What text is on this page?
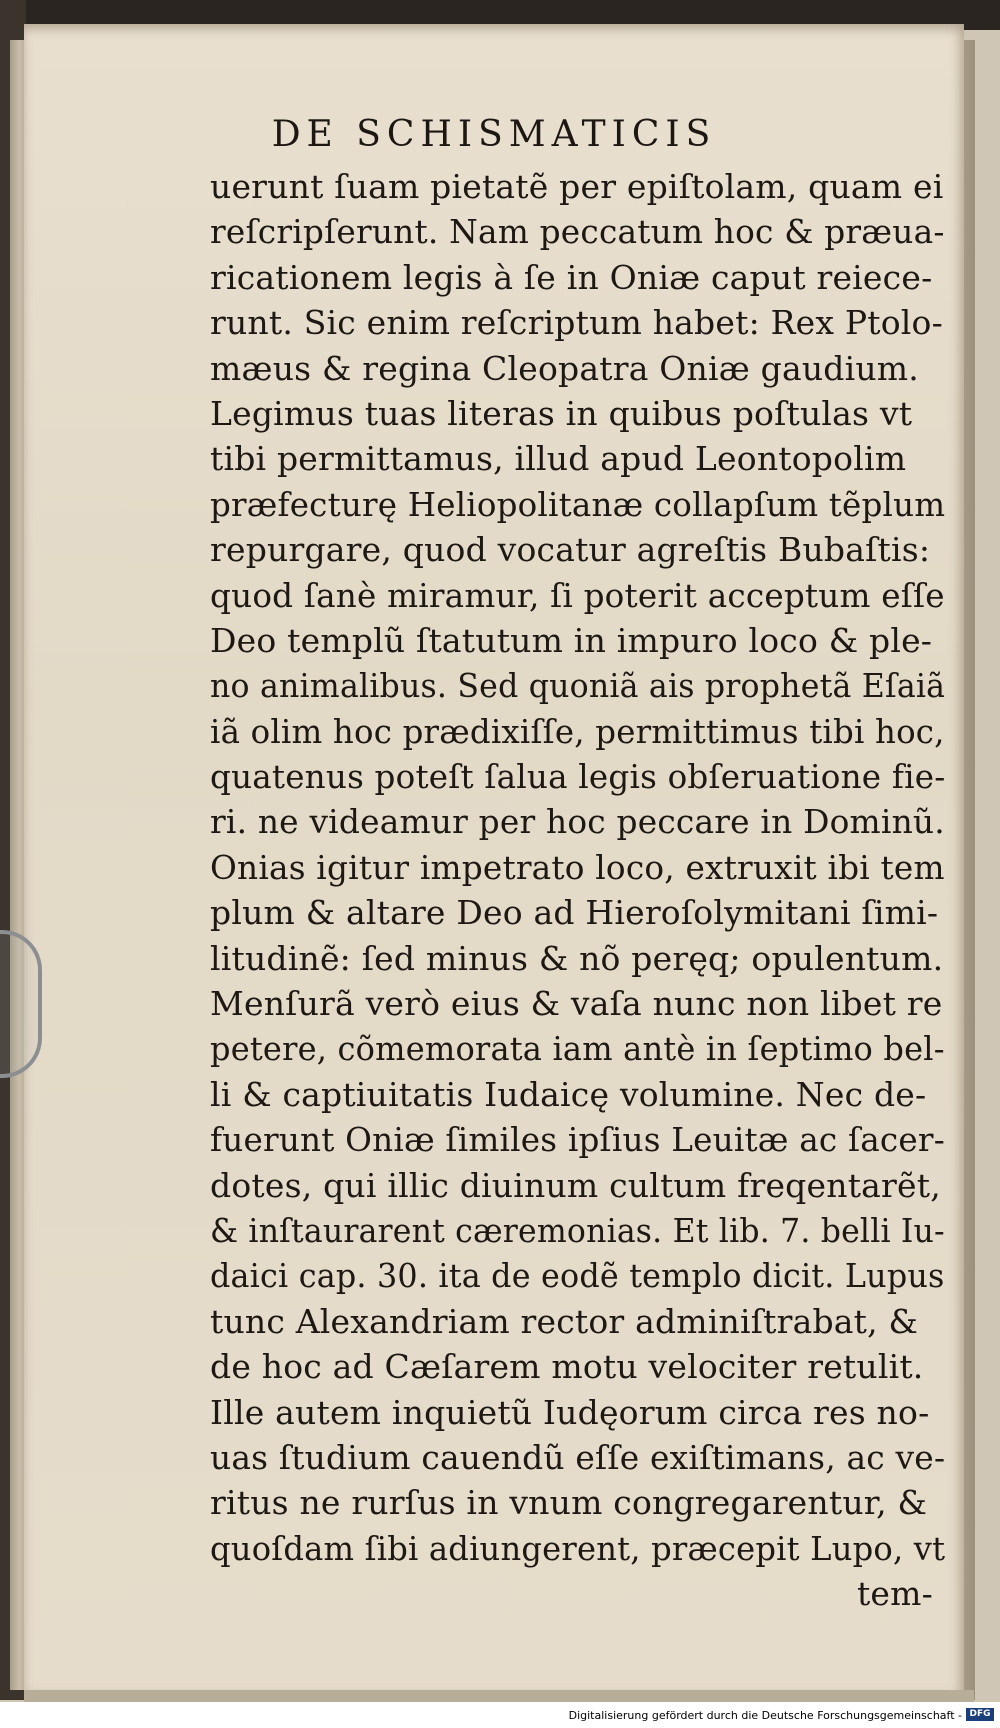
DE SCHISMATICIS
uerunt ſuam pietatẽ per epiſtolam, quam ei
reſcripſerunt. Nam peccatum hoc & præua-
ricationem legis à ſe in Oniæ caput reiece-
runt. Sic enim reſcriptum habet: Rex Ptolo-
mæus & regina Cleopatra Oniæ gaudium.
Legimus tuas literas in quibus poſtulas vt
tibi permittamus, illud apud Leontopolim
præfecturę Heliopolitanæ collapſum tẽplum
repurgare, quod vocatur agreſtis Bubaſtis:
quod ſanè miramur, ſi poterit acceptum eſſe
Deo templũ ſtatutum in impuro loco & ple-
no animalibus. Sed quoniã ais prophetã Eſaiã
iã olim hoc prædixiſſe, permittimus tibi hoc,
quatenus poteſt ſalua legis obſeruatione fie-
ri. ne videamur per hoc peccare in Dominũ.
Onias igitur impetrato loco, extruxit ibi tem
plum & altare Deo ad Hieroſolymitani ſimi-
litudinẽ: ſed minus & nõ peręq; opulentum.
Menſurã verò eius & vaſa nunc non libet re
petere, cõmemorata iam antè in ſeptimo bel-
li & captiuitatis Iudaicę volumine. Nec de-
fuerunt Oniæ ſimiles ipſius Leuitæ ac ſacer-
dotes, qui illic diuinum cultum freqentarẽt,
& inſtaurarent cæremonias. Et lib. 7. belli Iu-
daici cap. 30. ita de eodẽ templo dicit. Lupus
tunc Alexandriam rector adminiſtrabat, &
de hoc ad Cæſarem motu velociter retulit.
Ille autem inquietũ Iudęorum circa res no-
uas ſtudium cauendũ eſſe exiſtimans, ac ve-
ritus ne rurſus in vnum congregarentur, &
quoſdam ſibi adiungerent, præcepit Lupo, vt
tem-
Digitalisierung gefördert durch die Deutsche Forschungsgemeinschaft - DFG
